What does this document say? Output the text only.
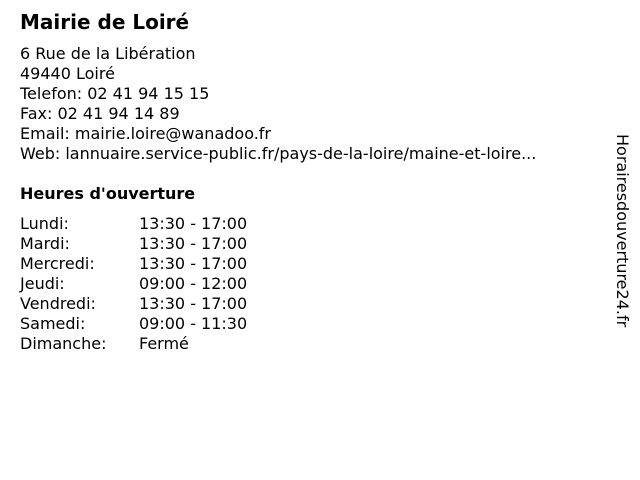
Mairie de Loiré
6 Rue de la Libération
49440 Loiré
Telefon: 02 41 94 15 15
Fax: 02 41 94 14 89
Email: mairie.loire@wanadoo.fr
Web: lannuaire.service-public.fr/pays-de-la-loire/maine-et-loire...
Heures d'ouverture
Lundi:	13:30 - 17:00
Mardi:	13:30 - 17:00
Mercredi:	13:30 - 17:00
Jeudi:	09:00 - 12:00
Vendredi:	13:30 - 17:00
Samedi:	09:00 - 11:30
Dimanche: Fermé
Horairesdouverture24.fr
